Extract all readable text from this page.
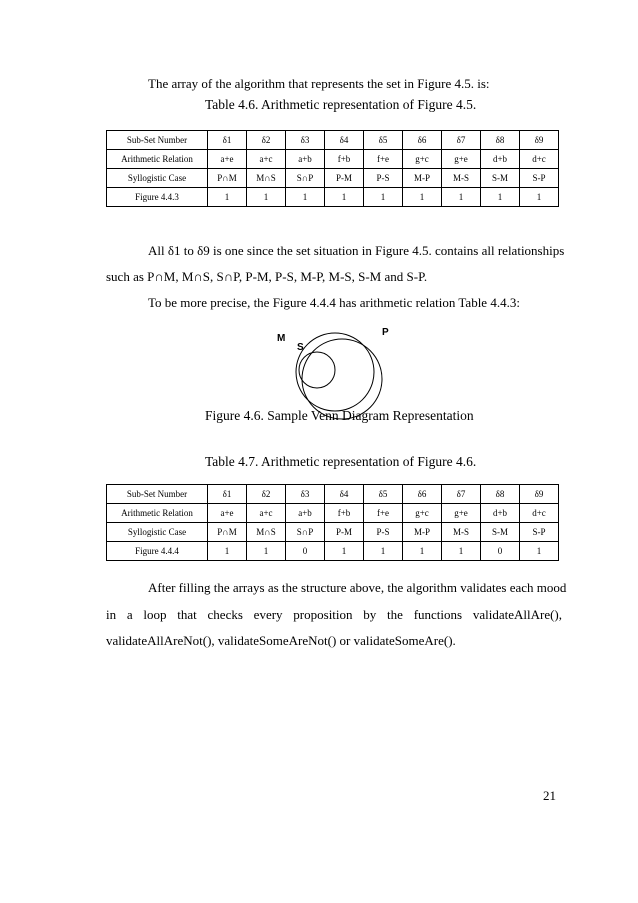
The array of the algorithm that represents the set in Figure 4.5. is:
Table 4.6. Arithmetic representation of Figure 4.5.
Sub-Set Number	δ1	δ2	δ3	δ4	δ5	δ6	δ7	δ8	δ9
Arithmetic Relation	a+e	a+c	a+b	f+b	f+e	g+c	g+e	d+b	d+c
Syllogistic Case	P∩M	M∩S	S∩P	P-M	P-S	M-P	M-S	S-M	S-P
Figure 4.4.3	1	1	1	1	1	1	1	1	1
All δ1 to δ9 is one since the set situation in Figure 4.5. contains all relationships
such as P∩M, M∩S, S∩P, P-M, P-S, M-P, M-S, S-M and S-P.
To be more precise, the Figure 4.4.4 has arithmetic relation Table 4.4.3:
M
S
P
Figure 4.6. Sample Venn Diagram Representation
Table 4.7. Arithmetic representation of Figure 4.6.
Sub-Set Number	δ1	δ2	δ3	δ4	δ5	δ6	δ7	δ8	δ9
Arithmetic Relation	a+e	a+c	a+b	f+b	f+e	g+c	g+e	d+b	d+c
Syllogistic Case	P∩M	M∩S	S∩P	P-M	P-S	M-P	M-S	S-M	S-P
Figure 4.4.4	1	1	0	1	1	1	1	0	1
After filling the arrays as the structure above, the algorithm validates each mood
in a loop that checks every proposition by the functions validateAllAre(),
validateAllAreNot(), validateSomeAreNot() or validateSomeAre().
21
